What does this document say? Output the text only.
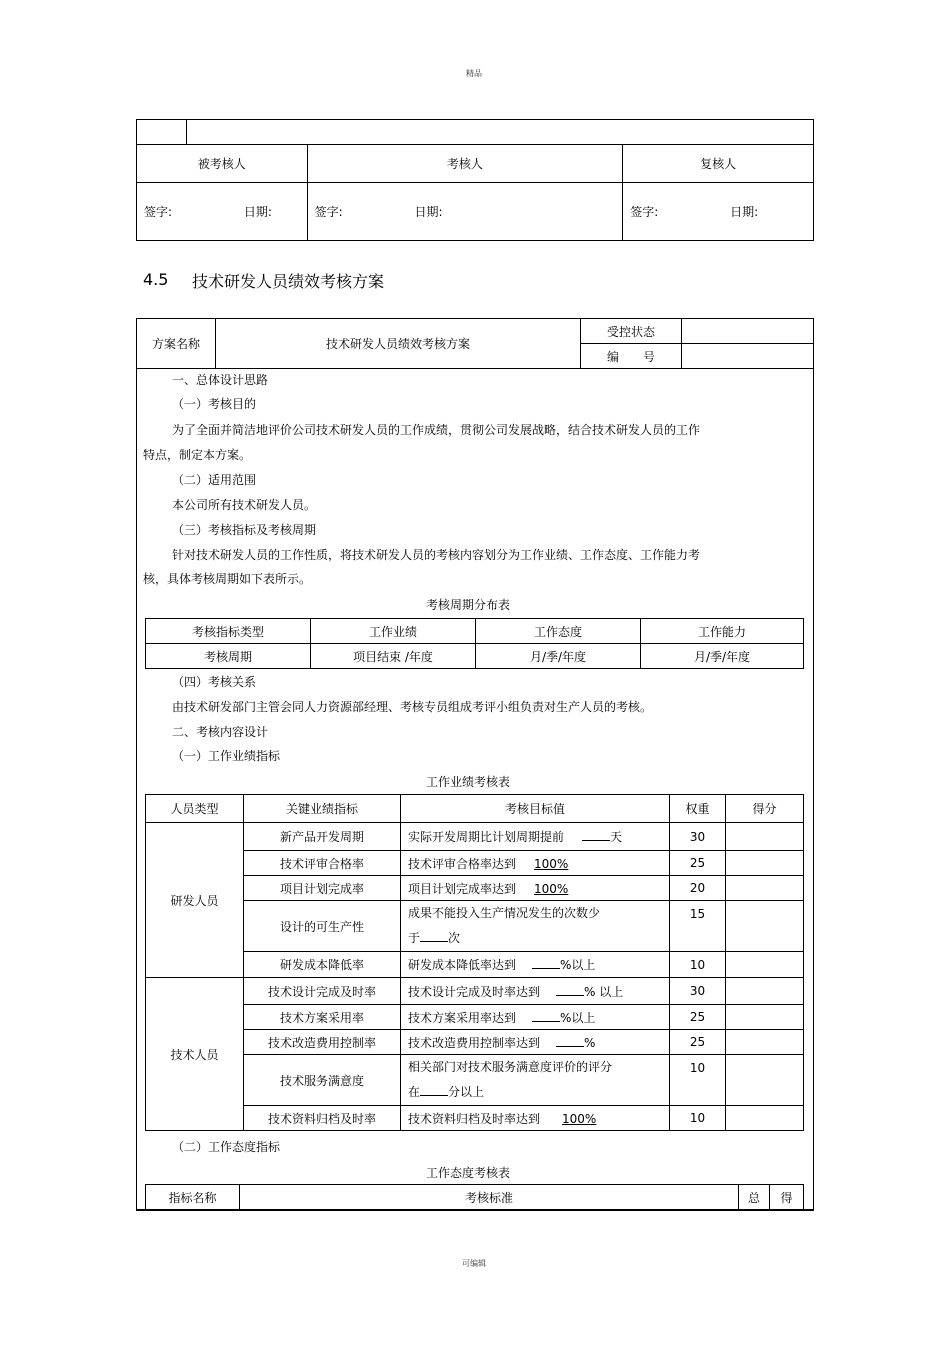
精品
可编辑

被考核人		考核人	复核人
签字: 日期:		签字: 日期:	签字: 日期:
4.5 技术研发人员绩效考核方案
方案名称	技术研发人员绩效考核方案	受控状态	
		编　　号	
一、总体设计思路
（一）考核目的
为了全面并简洁地评价公司技术研发人员的工作成绩，贯彻公司发展战略，结合技术研发人员的工作
特点，制定本方案。
（二）适用范围
本公司所有技术研发人员。
（三）考核指标及考核周期
针对技术研发人员的工作性质，将技术研发人员的考核内容划分为工作业绩、工作态度、工作能力考
核，具体考核周期如下表所示。
考核周期分布表
考核指标类型	工作业绩	工作态度	工作能力
考核周期	项目结束 /年度	月/季/年度	月/季/年度
（四）考核关系
由技术研发部门主管会同人力资源部经理、考核专员组成考评小组负责对生产人员的考核。
二、考核内容设计
（一）工作业绩指标
工作业绩考核表
人员类型	关键业绩指标	考核目标值	权重	得分
研发人员	新产品开发周期	实际开发周期比计划周期提前 天	30	
	技术评审合格率	技术评审合格率达到 100%	25	
	项目计划完成率	项目计划完成率达到 100%	20	
	设计的可生产性	成果不能投入生产情况发生的次数少
于 次	15	
	研发成本降低率	研发成本降低率达到 %以上	10	
技术人员	技术设计完成及时率	技术设计完成及时率达到 % 以上	30	
	技术方案采用率	技术方案采用率达到 %以上	25	
	技术改造费用控制率	技术改造费用控制率达到 %	25	
	技术服务满意度	相关部门对技术服务满意度评价的评分
在 分以上	10	
	技术资料归档及时率	技术资料归档及时率达到 100%	10	
（二）工作态度指标
工作态度考核表
指标名称	考核标准	总	得
